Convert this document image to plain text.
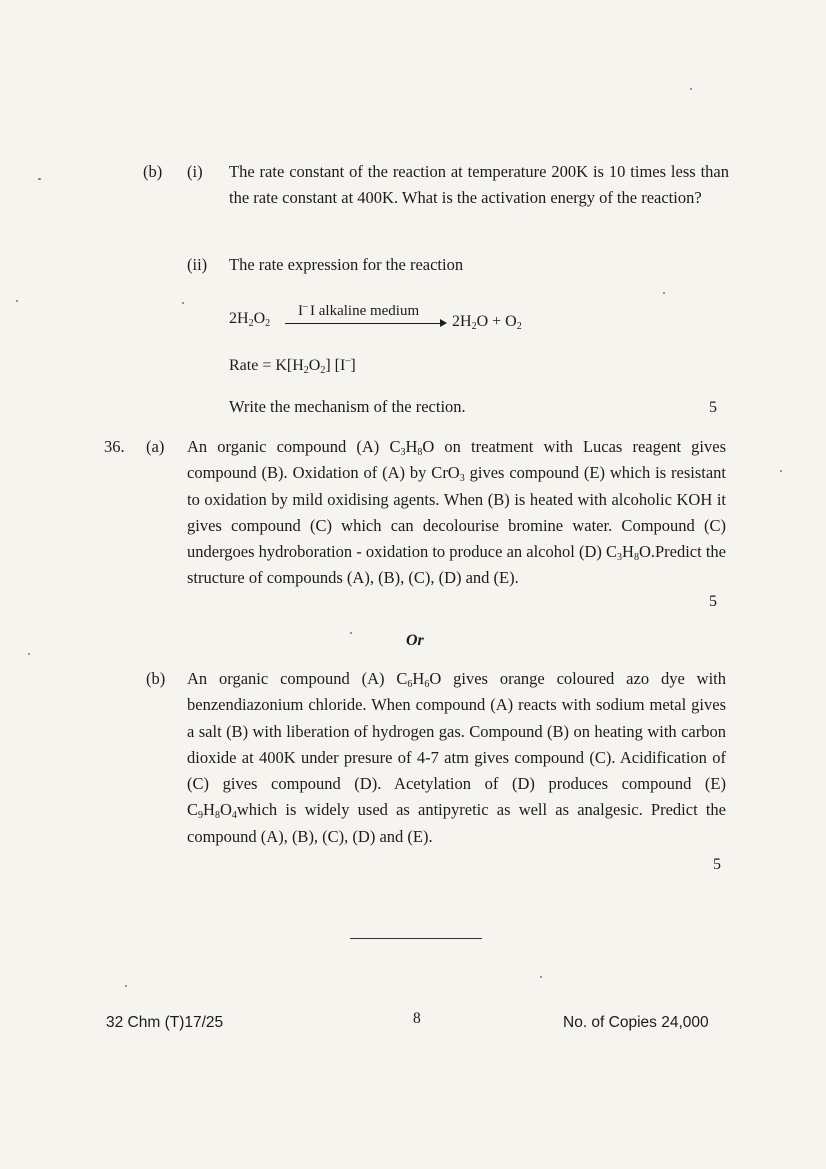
(b) (i) The rate constant of the reaction at temperature 200K is 10 times less than the rate constant at 400K. What is the activation energy of the reaction?
(ii) The rate expression for the reaction
$2H_2O_2$
I– I alkaline medium
$2H_2O + O_2$
Rate = $K[H_2O_2]$ [I–]
Write the mechanism of the rection.	5
36. (a) An organic compound (A) $C_3H_8O$ on treatment with Lucas reagent gives compound (B). Oxidation of (A) by CrO$_3$ gives compound (E) which is resistant to oxidation by mild oxidising agents. When (B) is heated with alcoholic KOH it gives compound (C) which can decolourise bromine water. Compound (C) undergoes hydroboration - oxidation to produce an alcohol (D) $C_3H_8O.Predict$ the structure of compounds (A), (B), (C), (D) and (E).
5
Or
(b) An organic compound (A) $C_6H_6O$ gives orange coloured azo dye with benzendiazonium chloride. When compound (A) reacts with sodium metal gives a salt (B) with liberation of hydrogen gas. Compound (B) on heating with carbon dioxide at 400K under presure of 4-7 atm gives compound (C). Acidification of (C) gives compound (D). Acetylation of (D) produces compound (E) $C_9H_8O_4which$ is widely used as antipyretic as well as analgesic. Predict the compound (A), (B), (C), (D) and (E).
5
32 Chm (T)17/25	8	No. of Copies 24,000
